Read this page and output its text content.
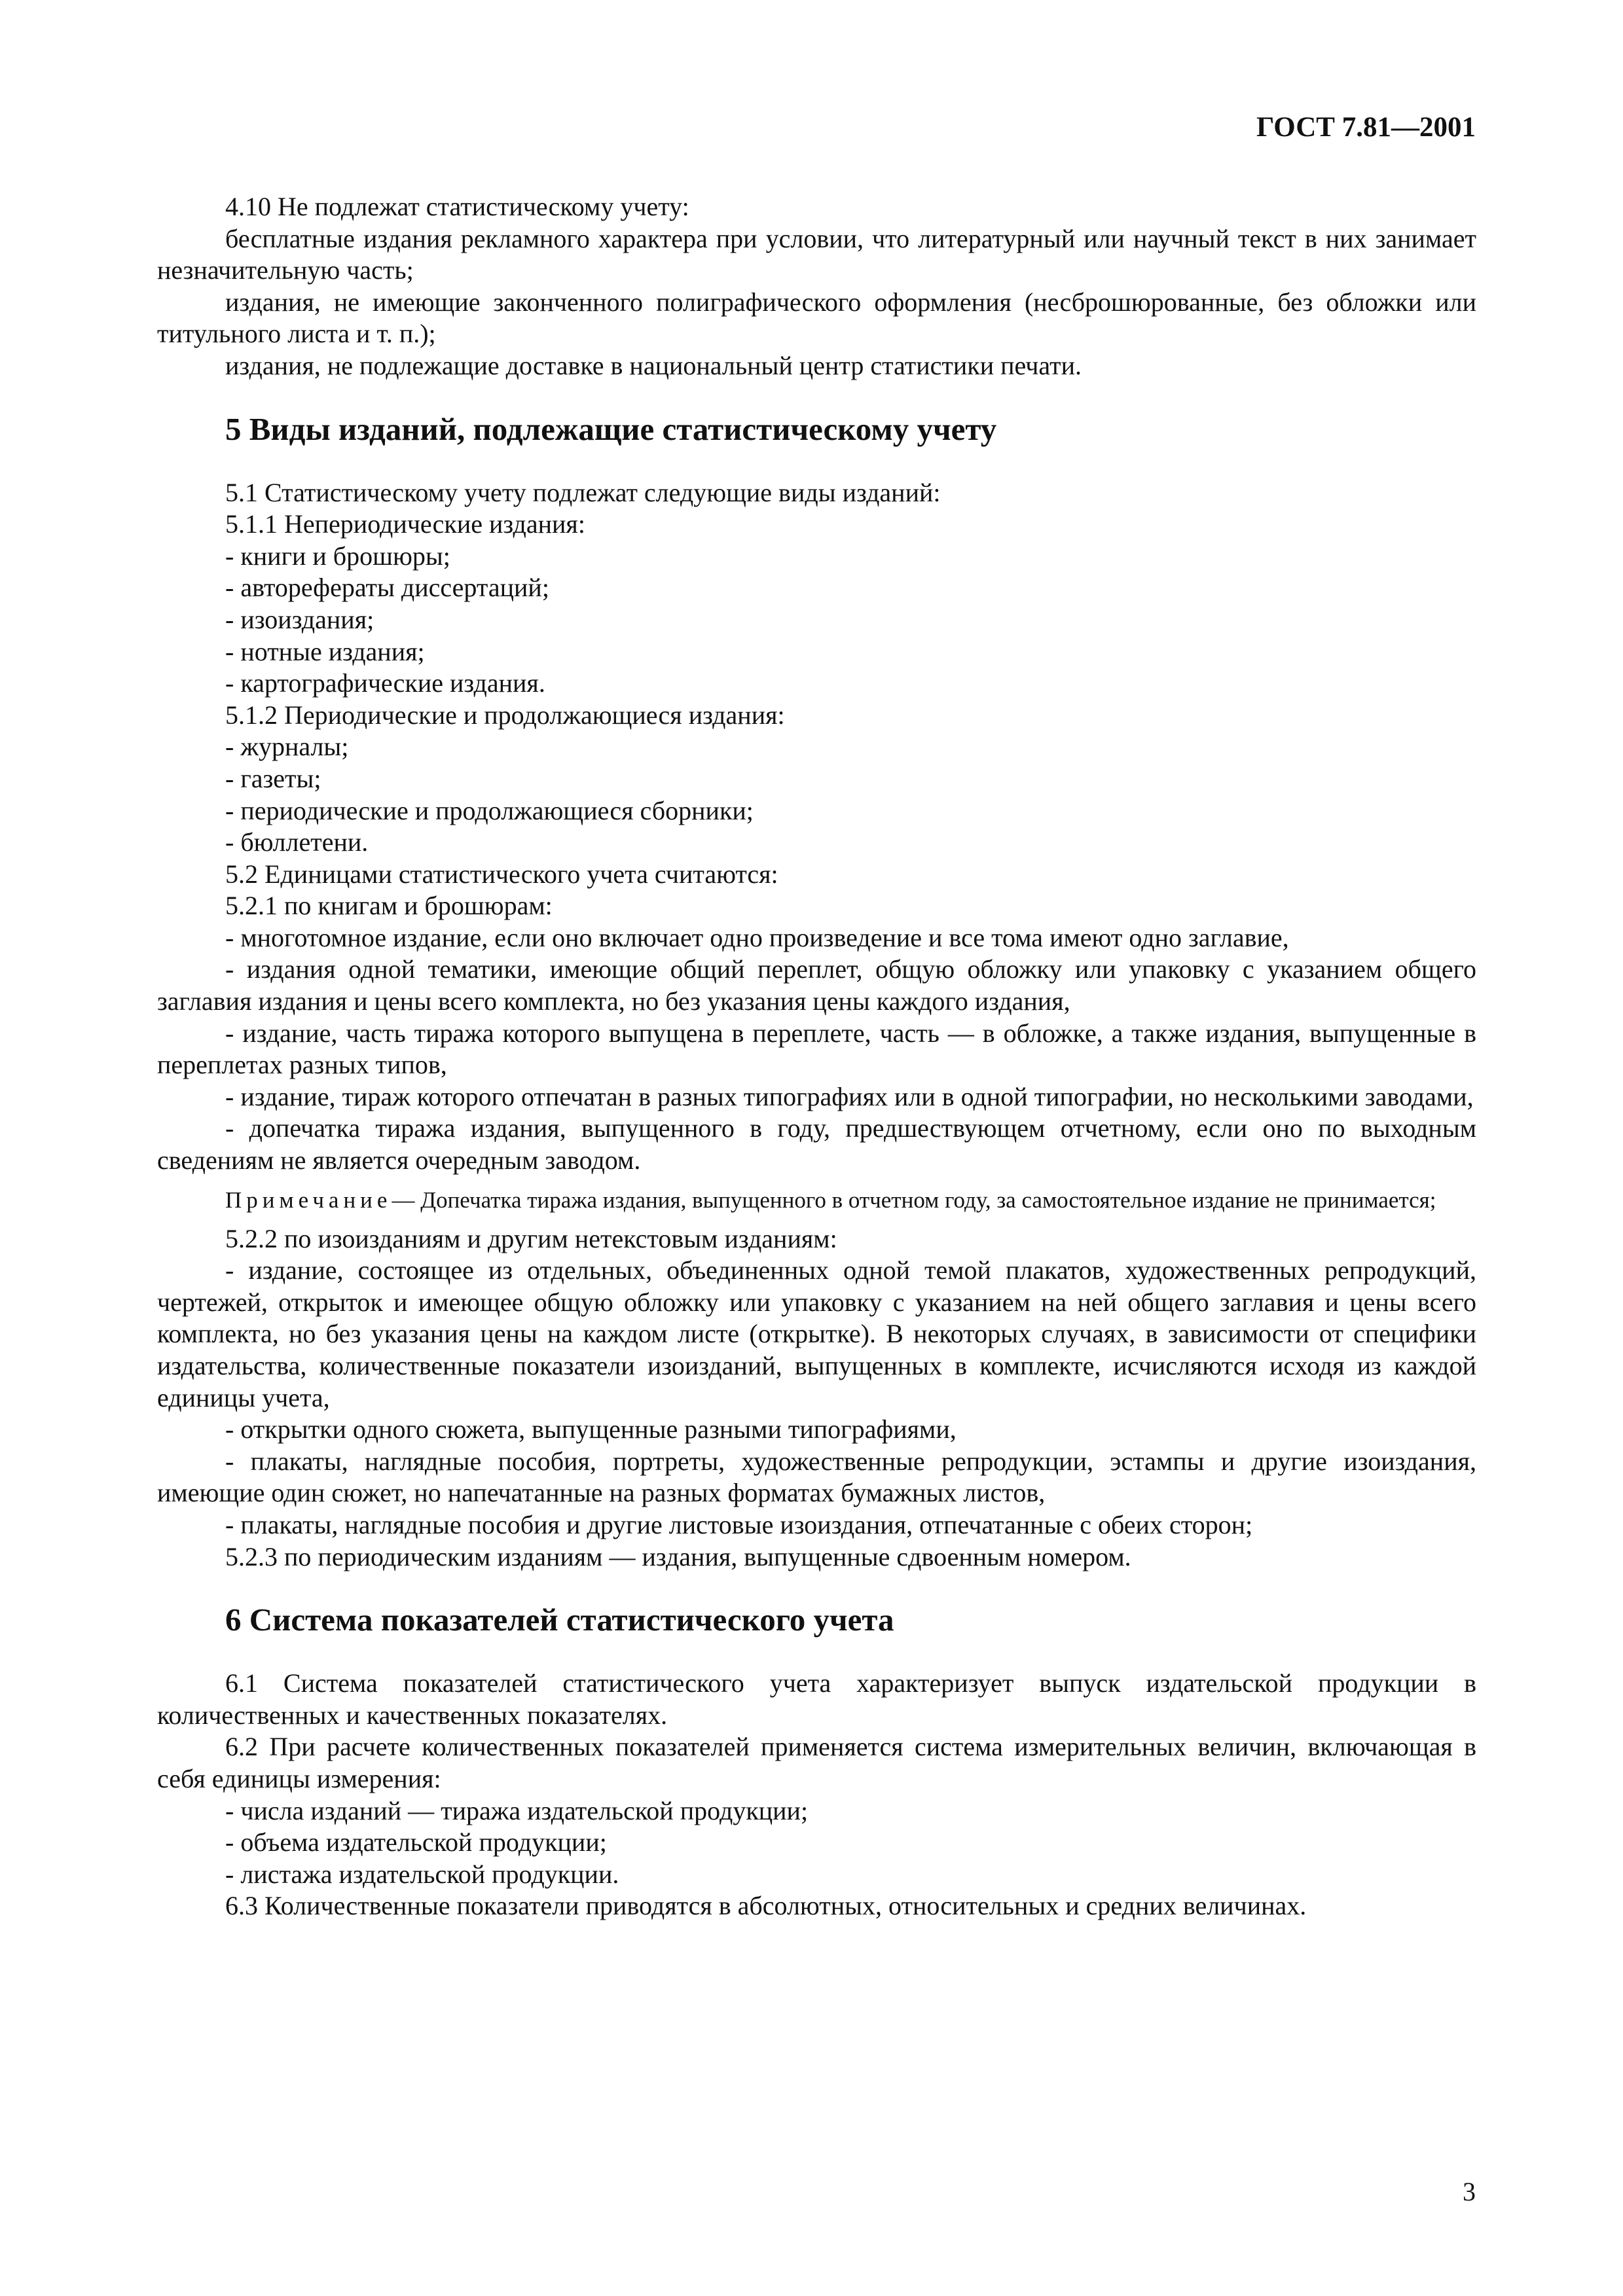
ГОСТ 7.81—2001

4.10 Не подлежат статистическому учету:

бесплатные издания рекламного характера при условии, что литературный или научный текст в них занимает незначительную часть;

издания, не имеющие законченного полиграфического оформления (несброшюрованные, без обложки или титульного листа и т. п.);

издания, не подлежащие доставке в национальный центр статистики печати.

5 Виды изданий, подлежащие статистическому учету

5.1 Статистическому учету подлежат следующие виды изданий:

5.1.1 Непериодические издания:

- книги и брошюры;

- авторефераты диссертаций;

- изоиздания;

- нотные издания;

- картографические издания.

5.1.2 Периодические и продолжающиеся издания:

- журналы;

- газеты;

- периодические и продолжающиеся сборники;

- бюллетени.

5.2 Единицами статистического учета считаются:

5.2.1 по книгам и брошюрам:

- многотомное издание, если оно включает одно произведение и все тома имеют одно заглавие,

- издания одной тематики, имеющие общий переплет, общую обложку или упаковку с указанием общего заглавия издания и цены всего комплекта, но без указания цены каждого издания,

- издание, часть тиража которого выпущена в переплете, часть — в обложке, а также издания, выпущенные в переплетах разных типов,

- издание, тираж которого отпечатан в разных типографиях или в одной типографии, но несколькими заводами,

- допечатка тиража издания, выпущенного в году, предшествующем отчетному, если оно по выходным сведениям не является очередным заводом.

Примечание— Допечатка тиража издания, выпущенного в отчетном году, за самостоятельное издание не принимается;

5.2.2 по изоизданиям и другим нетекстовым изданиям:

- издание, состоящее из отдельных, объединенных одной темой плакатов, художественных репродукций, чертежей, открыток и имеющее общую обложку или упаковку с указанием на ней общего заглавия и цены всего комплекта, но без указания цены на каждом листе (открытке). В некоторых случаях, в зависимости от специфики издательства, количественные показатели изоизданий, выпущенных в комплекте, исчисляются исходя из каждой единицы учета,

- открытки одного сюжета, выпущенные разными типографиями,

- плакаты, наглядные пособия, портреты, художественные репродукции, эстампы и другие изоиздания, имеющие один сюжет, но напечатанные на разных форматах бумажных листов,

- плакаты, наглядные пособия и другие листовые изоиздания, отпечатанные с обеих сторон;

5.2.3 по периодическим изданиям — издания, выпущенные сдвоенным номером.

6 Система показателей статистического учета

6.1 Система показателей статистического учета характеризует выпуск издательской продукции в количественных и качественных показателях.

6.2 При расчете количественных показателей применяется система измерительных величин, включающая в себя единицы измерения:

- числа изданий — тиража издательской продукции;

- объема издательской продукции;

- листажа издательской продукции.

6.3 Количественные показатели приводятся в абсолютных, относительных и средних величинах.

3
